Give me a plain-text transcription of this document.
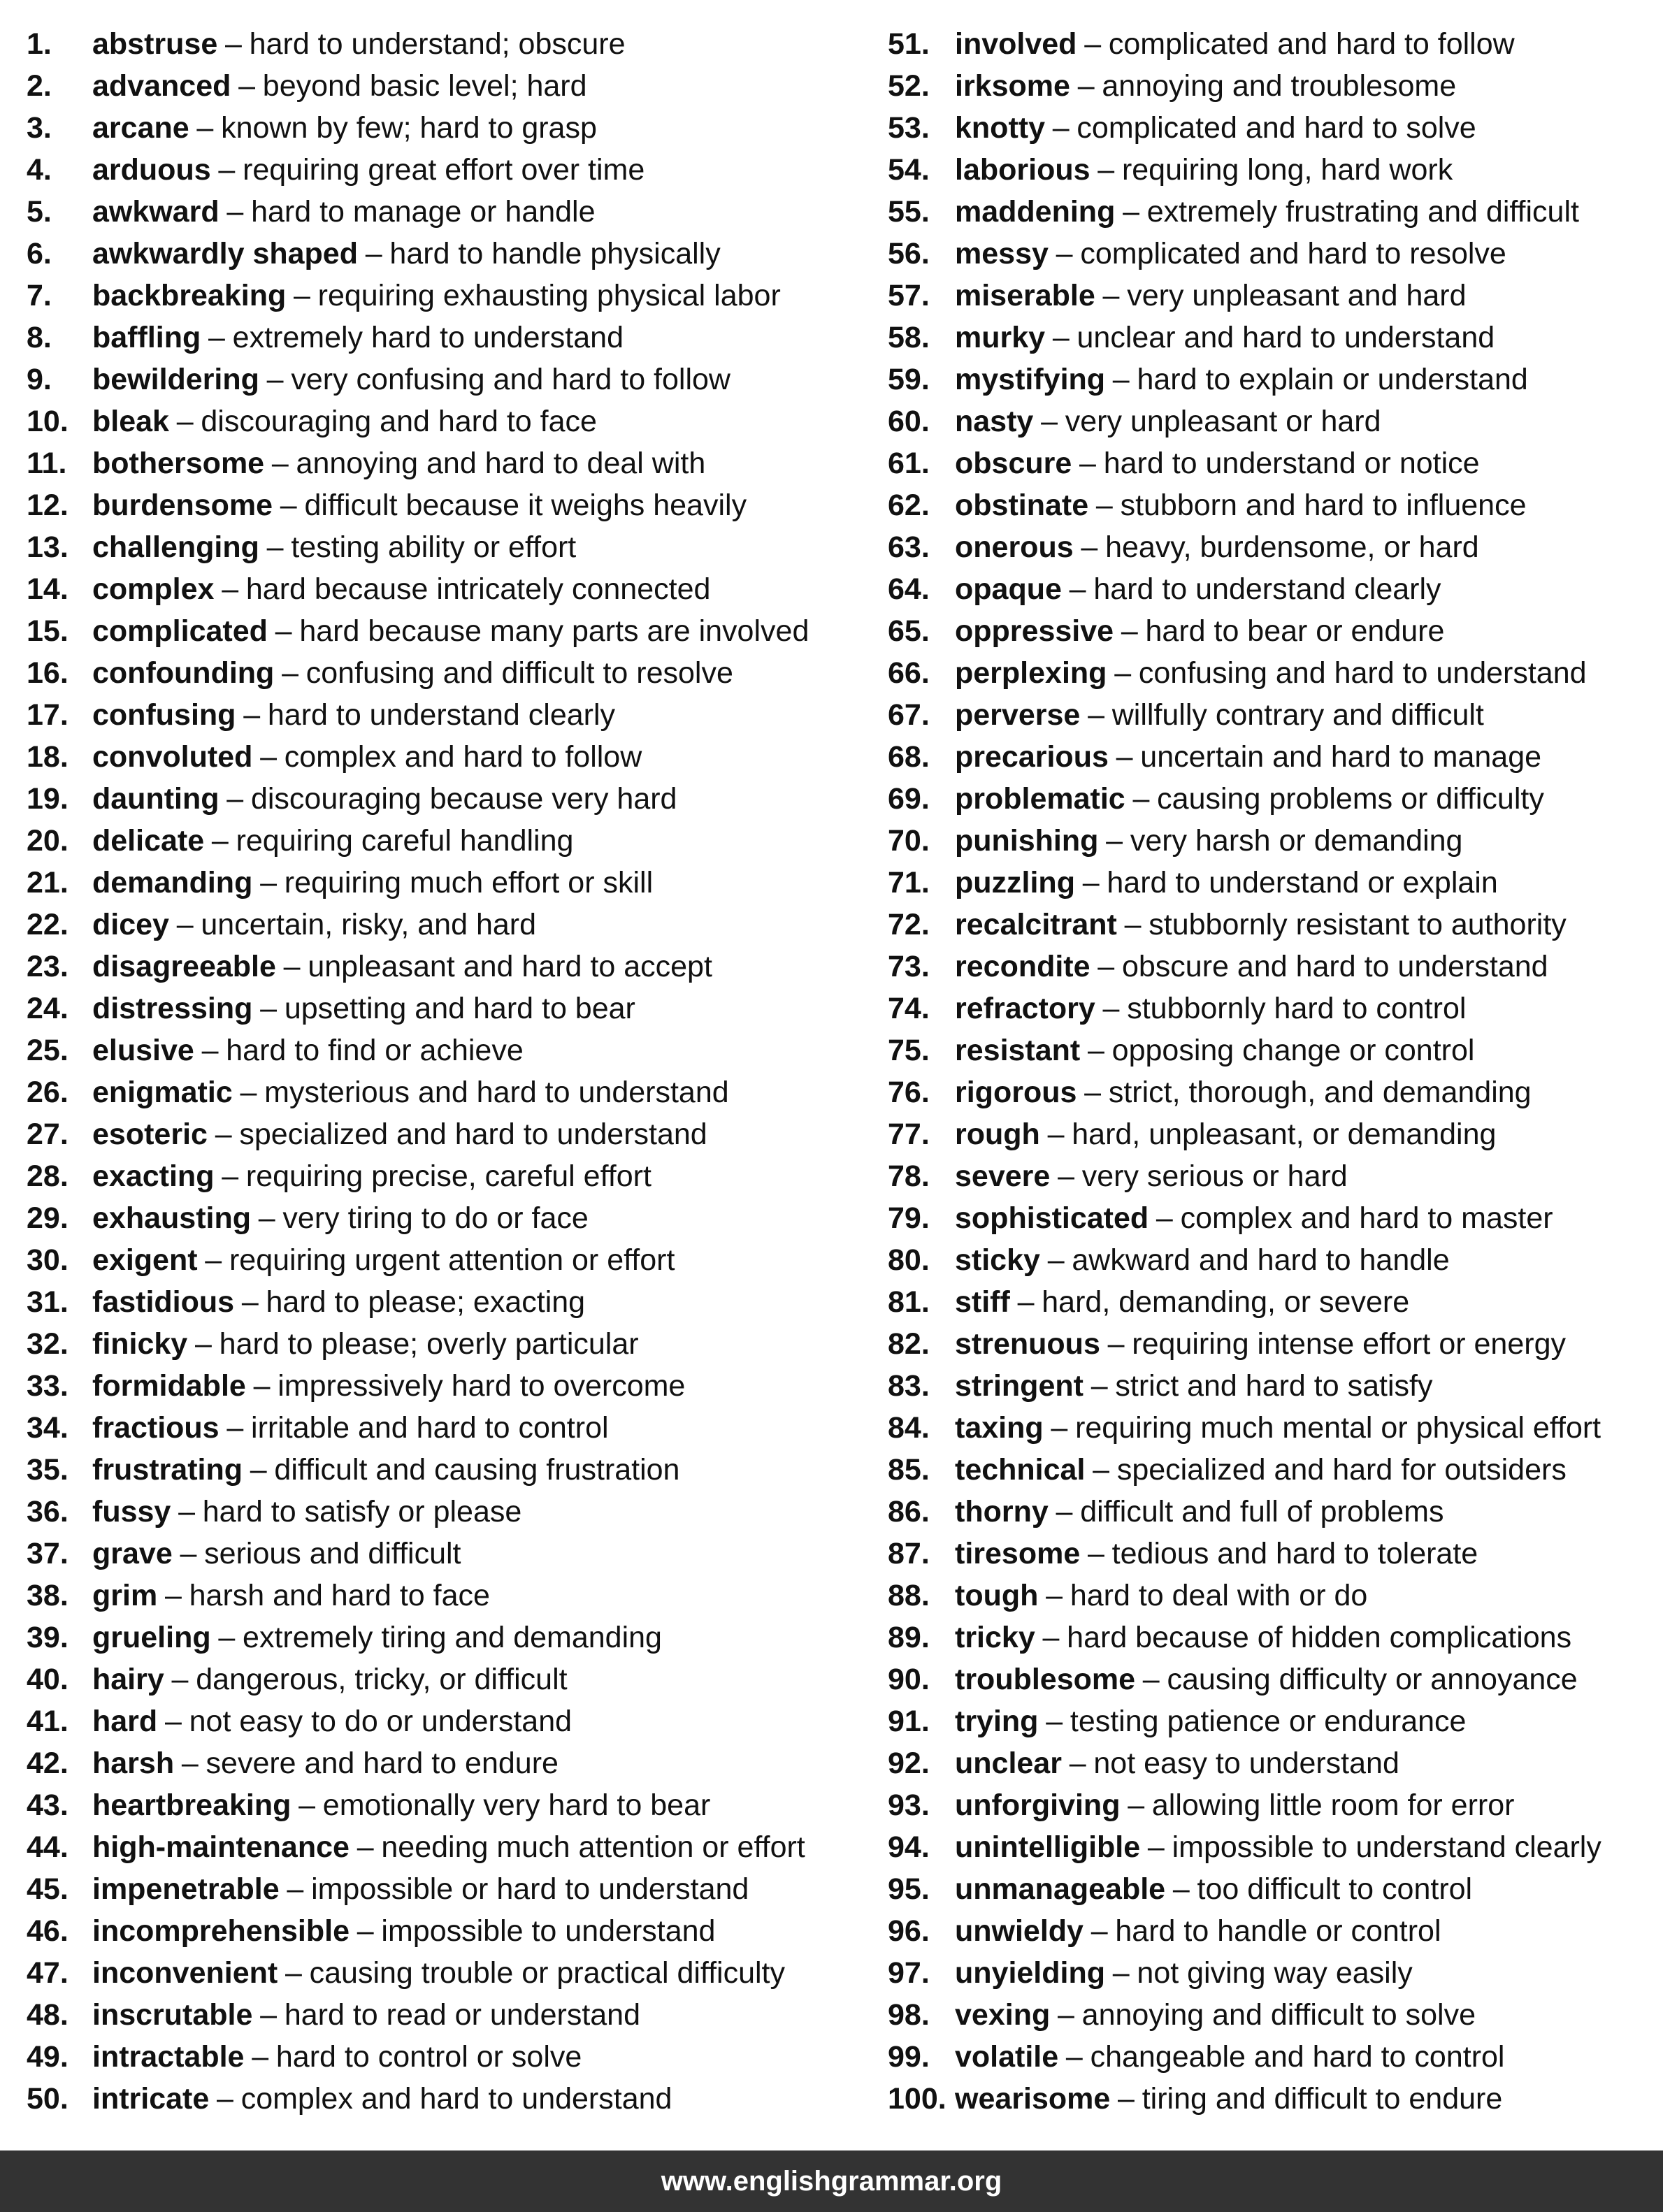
1.	abstruse – hard to understand; obscure
2.	advanced – beyond basic level; hard
3.	arcane – known by few; hard to grasp
4.	arduous – requiring great effort over time
5.	awkward – hard to manage or handle
6.	awkwardly shaped – hard to handle physically
7.	backbreaking – requiring exhausting physical labor
8.	baffling – extremely hard to understand
9.	bewildering – very confusing and hard to follow
10. bleak – discouraging and hard to face
11. bothersome – annoying and hard to deal with
12. burdensome – difficult because it weighs heavily
13. challenging – testing ability or effort
14. complex – hard because intricately connected
15. complicated – hard because many parts are involved
16. confounding – confusing and difficult to resolve
17. confusing – hard to understand clearly
18. convoluted – complex and hard to follow
19. daunting – discouraging because very hard
20. delicate – requiring careful handling
21. demanding – requiring much effort or skill
22. dicey – uncertain, risky, and hard
23. disagreeable – unpleasant and hard to accept
24. distressing – upsetting and hard to bear
25. elusive – hard to find or achieve
26. enigmatic – mysterious and hard to understand
27. esoteric – specialized and hard to understand
28. exacting – requiring precise, careful effort
29. exhausting – very tiring to do or face
30. exigent – requiring urgent attention or effort
31. fastidious – hard to please; exacting
32. finicky – hard to please; overly particular
33. formidable – impressively hard to overcome
34. fractious – irritable and hard to control
35. frustrating – difficult and causing frustration
36. fussy – hard to satisfy or please
37. grave – serious and difficult
38. grim – harsh and hard to face
39. grueling – extremely tiring and demanding
40. hairy – dangerous, tricky, or difficult
41. hard – not easy to do or understand
42. harsh – severe and hard to endure
43. heartbreaking – emotionally very hard to bear
44. high-maintenance – needing much attention or effort
45. impenetrable – impossible or hard to understand
46. incomprehensible – impossible to understand
47. inconvenient – causing trouble or practical difficulty
48. inscrutable – hard to read or understand
49. intractable – hard to control or solve
50. intricate – complex and hard to understand
51. involved – complicated and hard to follow
52. irksome – annoying and troublesome
53. knotty – complicated and hard to solve
54. laborious – requiring long, hard work
55. maddening – extremely frustrating and difficult
56. messy – complicated and hard to resolve
57. miserable – very unpleasant and hard
58. murky – unclear and hard to understand
59. mystifying – hard to explain or understand
60. nasty – very unpleasant or hard
61. obscure – hard to understand or notice
62. obstinate – stubborn and hard to influence
63. onerous – heavy, burdensome, or hard
64. opaque – hard to understand clearly
65. oppressive – hard to bear or endure
66. perplexing – confusing and hard to understand
67. perverse – willfully contrary and difficult
68. precarious – uncertain and hard to manage
69. problematic – causing problems or difficulty
70. punishing – very harsh or demanding
71. puzzling – hard to understand or explain
72. recalcitrant – stubbornly resistant to authority
73. recondite – obscure and hard to understand
74. refractory – stubbornly hard to control
75. resistant – opposing change or control
76. rigorous – strict, thorough, and demanding
77. rough – hard, unpleasant, or demanding
78. severe – very serious or hard
79. sophisticated – complex and hard to master
80. sticky – awkward and hard to handle
81. stiff – hard, demanding, or severe
82. strenuous – requiring intense effort or energy
83. stringent – strict and hard to satisfy
84. taxing – requiring much mental or physical effort
85. technical – specialized and hard for outsiders
86. thorny – difficult and full of problems
87. tiresome – tedious and hard to tolerate
88. tough – hard to deal with or do
89. tricky – hard because of hidden complications
90. troublesome – causing difficulty or annoyance
91. trying – testing patience or endurance
92. unclear – not easy to understand
93. unforgiving – allowing little room for error
94. unintelligible – impossible to understand clearly
95. unmanageable – too difficult to control
96. unwieldy – hard to handle or control
97. unyielding – not giving way easily
98. vexing – annoying and difficult to solve
99. volatile – changeable and hard to control
100. wearisome – tiring and difficult to endure
www.englishgrammar.org
